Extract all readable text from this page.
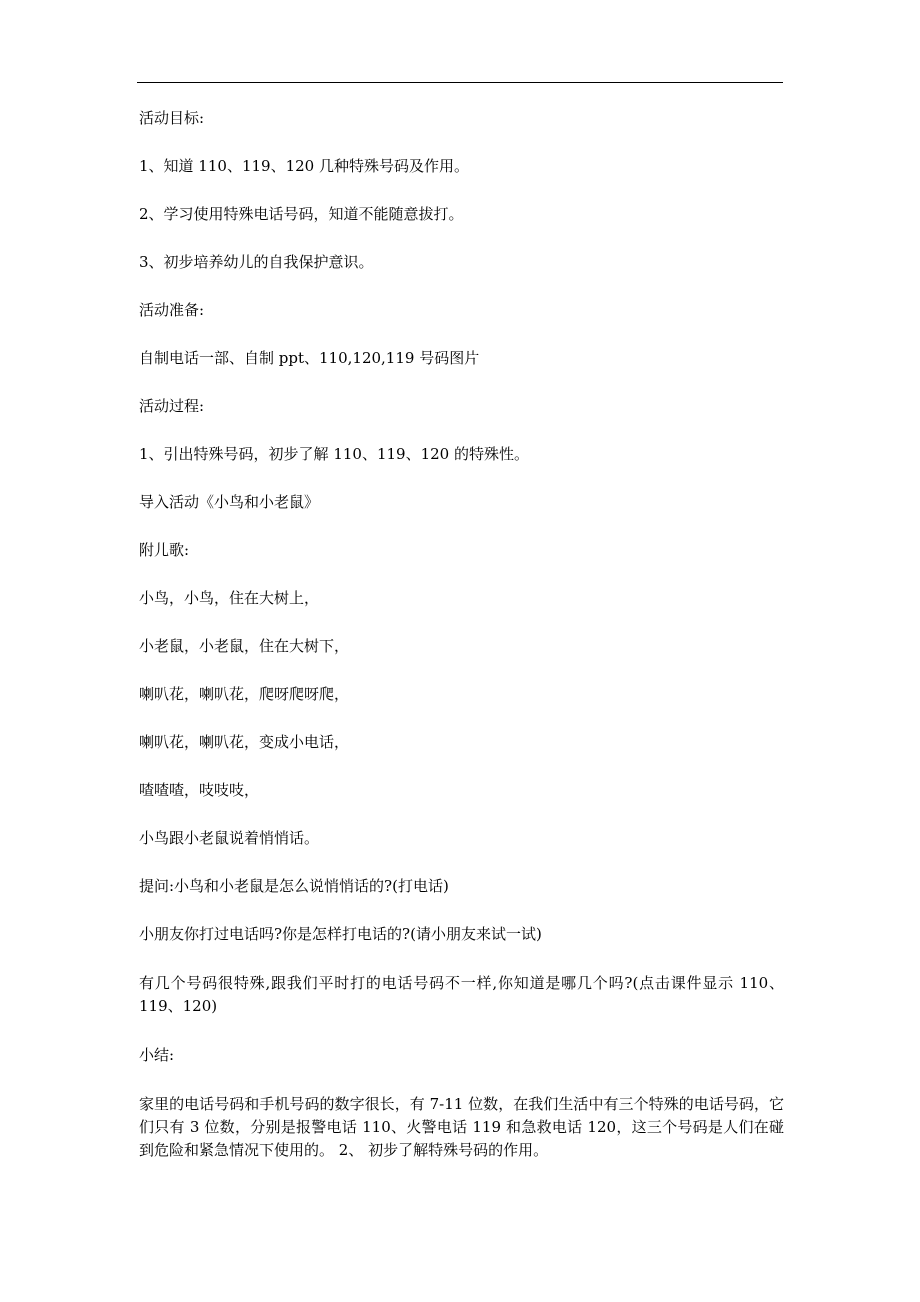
活动目标:

1、知道 110、119、120 几种特殊号码及作用。

2、学习使用特殊电话号码，知道不能随意拔打。

3、初步培养幼儿的自我保护意识。

活动准备:

自制电话一部、自制 ppt、110,120,119 号码图片

活动过程:

1、引出特殊号码，初步了解 110、119、120 的特殊性。

导入活动《小鸟和小老鼠》

附儿歌:

小鸟，小鸟，住在大树上，

小老鼠，小老鼠，住在大树下，

喇叭花，喇叭花，爬呀爬呀爬，

喇叭花，喇叭花，变成小电话，

喳喳喳，吱吱吱，

小鸟跟小老鼠说着悄悄话。

提问:小鸟和小老鼠是怎么说悄悄话的?(打电话)

小朋友你打过电话吗?你是怎样打电话的?(请小朋友来试一试)

有几个号码很特殊,跟我们平时打的电话号码不一样,你知道是哪几个吗?(点击课件显示 110、119、120)

小结:

家里的电话号码和手机号码的数字很长，有 7-11 位数，在我们生活中有三个特殊的电话号码，它们只有 3 位数，分别是报警电话 110、火警电话 119 和急救电话 120，这三个号码是人们在碰到危险和紧急情况下使用的。 2、 初步了解特殊号码的作用。
